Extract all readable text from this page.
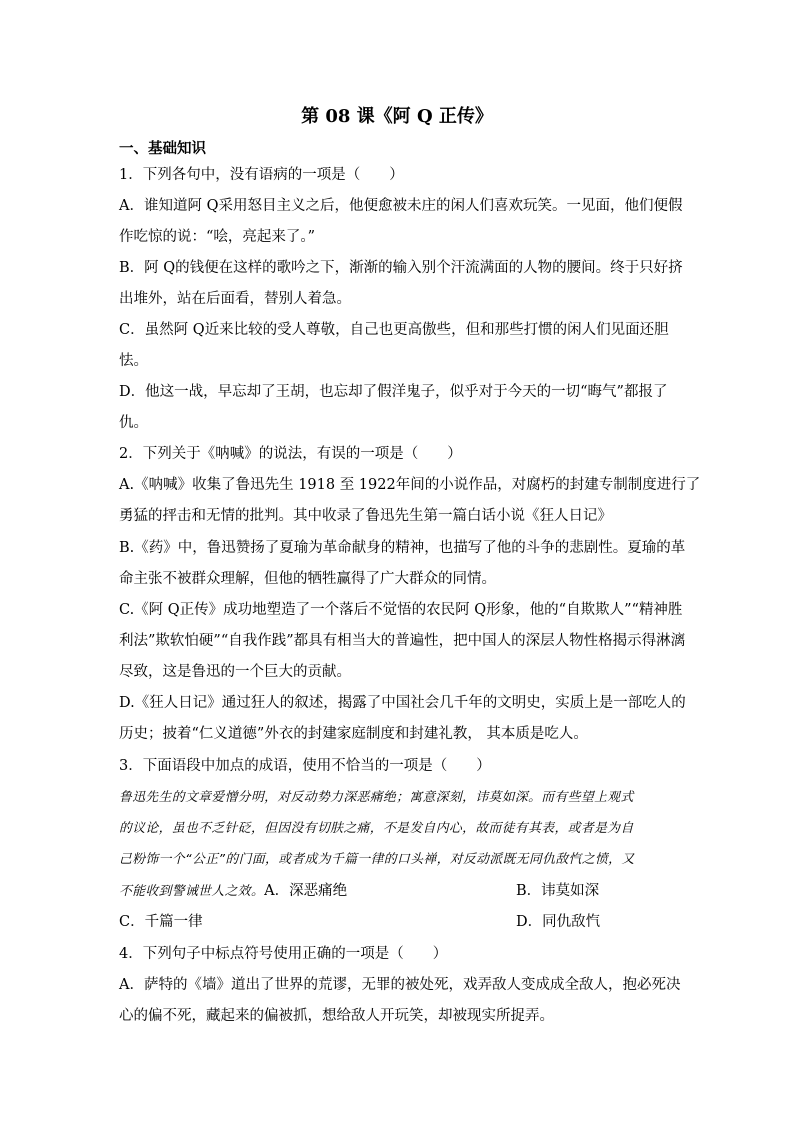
第 08 课《阿 Q 正传》
一、基础知识
1．下列各句中，没有语病的一项是（　　）
A．谁知道阿 Q采用怒目主义之后，他便愈被未庄的闲人们喜欢玩笑。一见面，他们便假
作吃惊的说：“哙，亮起来了。”
B．阿 Q的钱便在这样的歌吟之下，渐渐的输入别个汗流满面的人物的腰间。终于只好挤
出堆外，站在后面看，替别人着急。
C．虽然阿 Q近来比较的受人尊敬，自己也更高傲些，但和那些打惯的闲人们见面还胆
怯。
D．他这一战，早忘却了王胡，也忘却了假洋鬼子，似乎对于今天的一切“晦气”都报了
仇。
2．下列关于《呐喊》的说法，有误的一项是（　　）
A.《呐喊》收集了鲁迅先生 1918 至 1922年间的小说作品，对腐朽的封建专制制度进行了
勇猛的抨击和无情的批判。其中收录了鲁迅先生第一篇白话小说《狂人日记》
B.《药》中，鲁迅赞扬了夏瑜为革命献身的精神，也描写了他的斗争的悲剧性。夏瑜的革
命主张不被群众理解，但他的牺牲赢得了广大群众的同情。
C.《阿 Q正传》成功地塑造了一个落后不觉悟的农民阿 Q形象，他的“自欺欺人”“精神胜
利法”欺软怕硬”“自我作践”都具有相当大的普遍性，把中国人的深层人物性格揭示得淋漓
尽致，这是鲁迅的一个巨大的贡献。
D.《狂人日记》通过狂人的叙述，揭露了中国社会几千年的文明史，实质上是一部吃人的
历史；披着“仁义道德”外衣的封建家庭制度和封建礼教， 其本质是吃人。
3．下面语段中加点的成语，使用不恰当的一项是（　　）
鲁迅先生的文章爱憎分明，对反动势力深恶痛绝；寓意深刻，讳莫如深。而有些望上观式
的议论，虽也不乏针砭，但因没有切肤之痛，不是发自内心，故而徒有其表，或者是为自
己粉饰一个“公正”的门面，或者成为千篇一律的口头禅，对反动派既无同仇敌忾之愤，又
不能收到警诫世人之效。A．深恶痛绝	B．讳莫如深
C．千篇一律	D．同仇敌忾
4．下列句子中标点符号使用正确的一项是（　　）
A．萨特的《墙》道出了世界的荒谬，无罪的被处死，戏弄敌人变成成全敌人，抱必死决
心的偏不死，藏起来的偏被抓，想给敌人开玩笑，却被现实所捉弄。
